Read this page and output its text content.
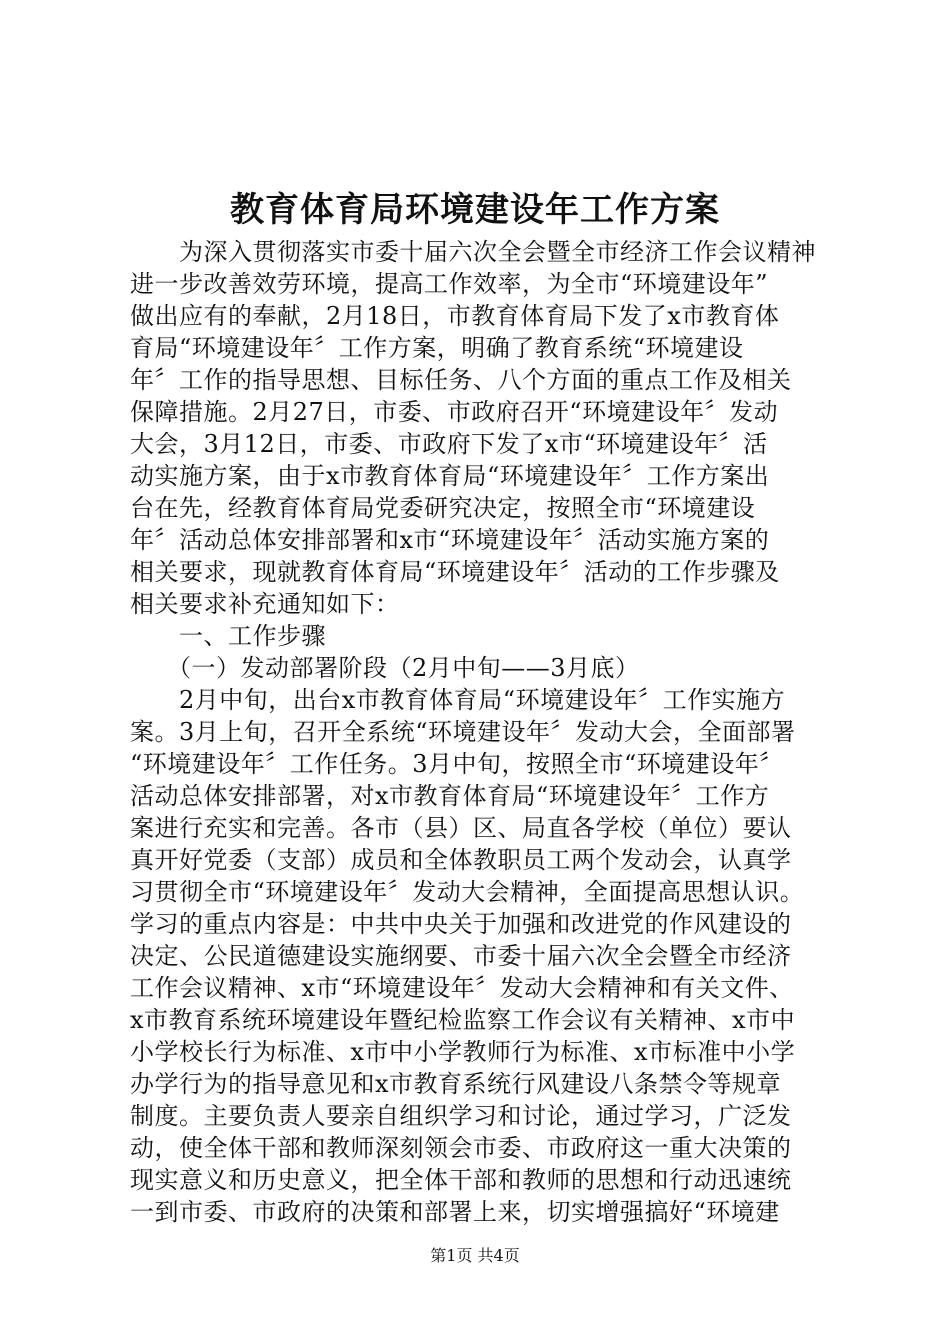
教育体育局环境建设年工作方案
　　为深入贯彻落实市委十届六次全会暨全市经济工作会议精神
进一步改善效劳环境，提高工作效率，为全市“环境建设年”
做出应有的奉献，2月18日，市教育体育局下发了x市教育体
育局“环境建设年〞工作方案，明确了教育系统“环境建设
年〞工作的指导思想、目标任务、八个方面的重点工作及相关
保障措施。2月27日，市委、市政府召开“环境建设年〞发动
大会，3月12日，市委、市政府下发了x市“环境建设年〞活
动实施方案，由于x市教育体育局“环境建设年〞工作方案出
台在先，经教育体育局党委研究决定，按照全市“环境建设
年〞活动总体安排部署和x市“环境建设年〞活动实施方案的
相关要求，现就教育体育局“环境建设年〞活动的工作步骤及
相关要求补充通知如下：
　　一、工作步骤
　　（一）发动部署阶段（2月中旬——3月底）
　　2月中旬，出台x市教育体育局“环境建设年〞工作实施方
案。3月上旬，召开全系统“环境建设年〞发动大会，全面部署
“环境建设年〞工作任务。3月中旬，按照全市“环境建设年〞
活动总体安排部署，对x市教育体育局“环境建设年〞工作方
案进行充实和完善。各市（县）区、局直各学校（单位）要认
真开好党委（支部）成员和全体教职员工两个发动会，认真学
习贯彻全市“环境建设年〞发动大会精神，全面提高思想认识。
学习的重点内容是：中共中央关于加强和改进党的作风建设的
决定、公民道德建设实施纲要、市委十届六次全会暨全市经济
工作会议精神、x市“环境建设年〞发动大会精神和有关文件、
x市教育系统环境建设年暨纪检监察工作会议有关精神、x市中
小学校长行为标准、x市中小学教师行为标准、x市标准中小学
办学行为的指导意见和x市教育系统行风建设八条禁令等规章
制度。主要负责人要亲自组织学习和讨论，通过学习，广泛发
动，使全体干部和教师深刻领会市委、市政府这一重大决策的
现实意义和历史意义，把全体干部和教师的思想和行动迅速统
一到市委、市政府的决策和部署上来，切实增强搞好“环境建
第1页 共4页
